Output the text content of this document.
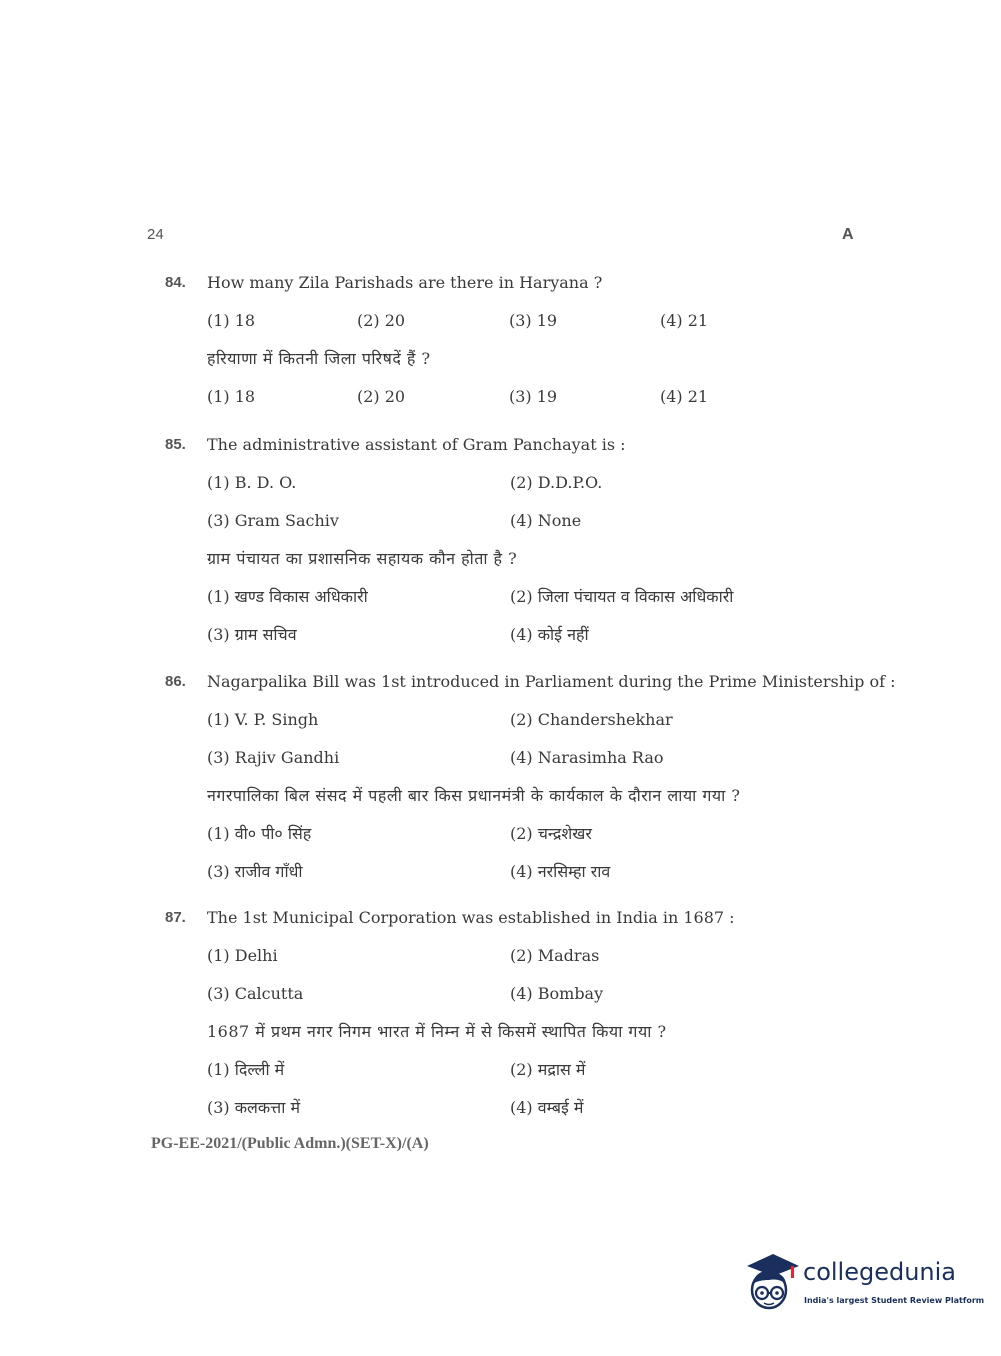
24	A
84. How many Zila Parishads are there in Haryana ?
(1) 18	(2) 20	(3) 19	(4) 21
हरियाणा में कितनी जिला परिषदें हैं ?
(1) 18	(2) 20	(3) 19	(4) 21
85. The administrative assistant of Gram Panchayat is :
(1) B. D. O.	(2) D.D.P.O.
(3) Gram Sachiv	(4) None
ग्राम पंचायत का प्रशासनिक सहायक कौन होता है ?
(1) खण्ड विकास अधिकारी	(2) जिला पंचायत व विकास अधिकारी
(3) ग्राम सचिव	(4) कोई नहीं
86. Nagarpalika Bill was 1st introduced in Parliament during the Prime Ministership of :
(1) V. P. Singh	(2) Chandershekhar
(3) Rajiv Gandhi	(4) Narasimha Rao
नगरपालिका बिल संसद में पहली बार किस प्रधानमंत्री के कार्यकाल के दौरान लाया गया ?
(1) वी० पी० सिंह	(2) चन्द्रशेखर
(3) राजीव गाँधी	(4) नरसिम्हा राव
87. The 1st Municipal Corporation was established in India in 1687 :
(1) Delhi	(2) Madras
(3) Calcutta	(4) Bombay
1687 में प्रथम नगर निगम भारत में निम्न में से किसमें स्थापित किया गया ?
(1) दिल्ली में	(2) मद्रास में
(3) कलकत्ता में	(4) वम्बई में
PG-EE-2021/(Public Admn.)(SET-X)/(A)
collegedunia
India's largest Student Review Platform
